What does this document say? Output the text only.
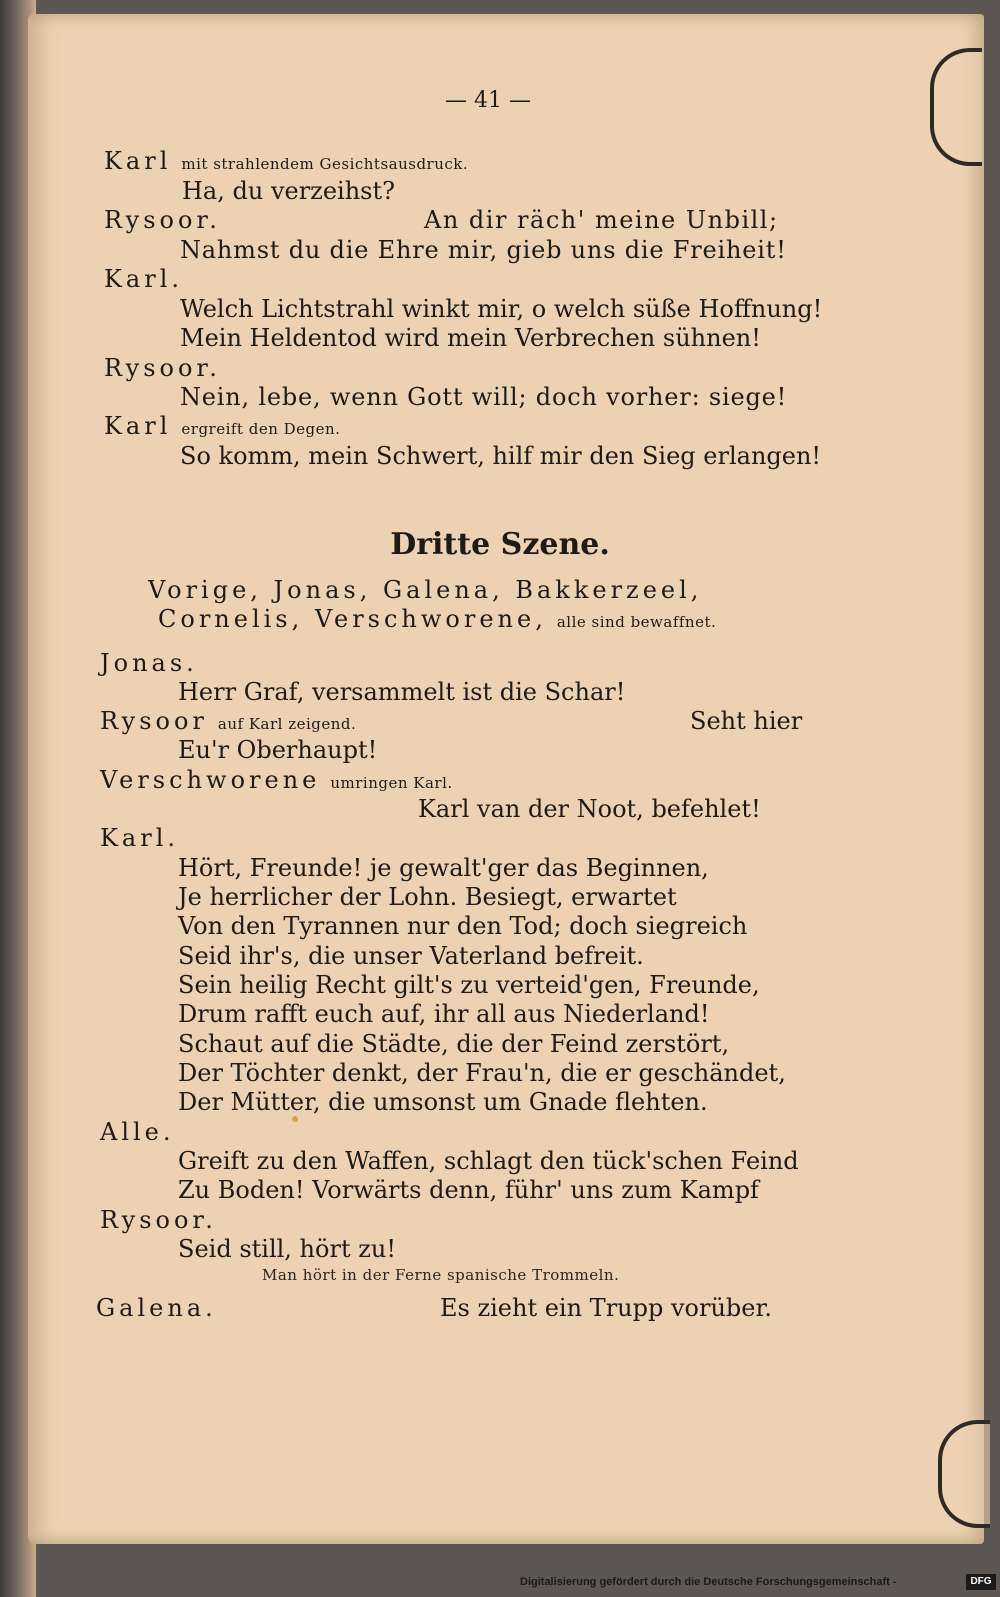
— 41 —
Karl mit strahlendem Gesichtsausdruck.
Ha, du verzeihst?
Rysoor.	An dir räch' meine Unbill;
Nahmst du die Ehre mir, gieb uns die Freiheit!
Karl.
Welch Lichtstrahl winkt mir, o welch süße Hoffnung!
Mein Heldentod wird mein Verbrechen sühnen!
Rysoor.
Nein, lebe, wenn Gott will; doch vorher: siege!
Karl ergreift den Degen.
So komm, mein Schwert, hilf mir den Sieg erlangen!
Dritte Szene.
Vorige, Jonas, Galena, Bakkerzeel,
Cornelis, Verschworene, alle sind bewaffnet.
Jonas.
Herr Graf, versammelt ist die Schar!
Rysoor auf Karl zeigend.	Seht hier
Eu'r Oberhaupt!
Verschworene umringen Karl.
Karl van der Noot, befehlet!
Karl.
Hört, Freunde! je gewalt'ger das Beginnen,
Je herrlicher der Lohn. Besiegt, erwartet
Von den Tyrannen nur den Tod; doch siegreich
Seid ihr's, die unser Vaterland befreit.
Sein heilig Recht gilt's zu verteid'gen, Freunde,
Drum rafft euch auf, ihr all aus Niederland!
Schaut auf die Städte, die der Feind zerstört,
Der Töchter denkt, der Frau'n, die er geschändet,
Der Mütter, die umsonst um Gnade flehten.
Alle.
Greift zu den Waffen, schlagt den tück'schen Feind
Zu Boden! Vorwärts denn, führ' uns zum Kampf
Rysoor.
Seid still, hört zu!
Man hört in der Ferne spanische Trommeln.
Galena.	Es zieht ein Trupp vorüber.
Digitalisierung gefördert durch die Deutsche Forschungsgemeinschaft -	DFG
